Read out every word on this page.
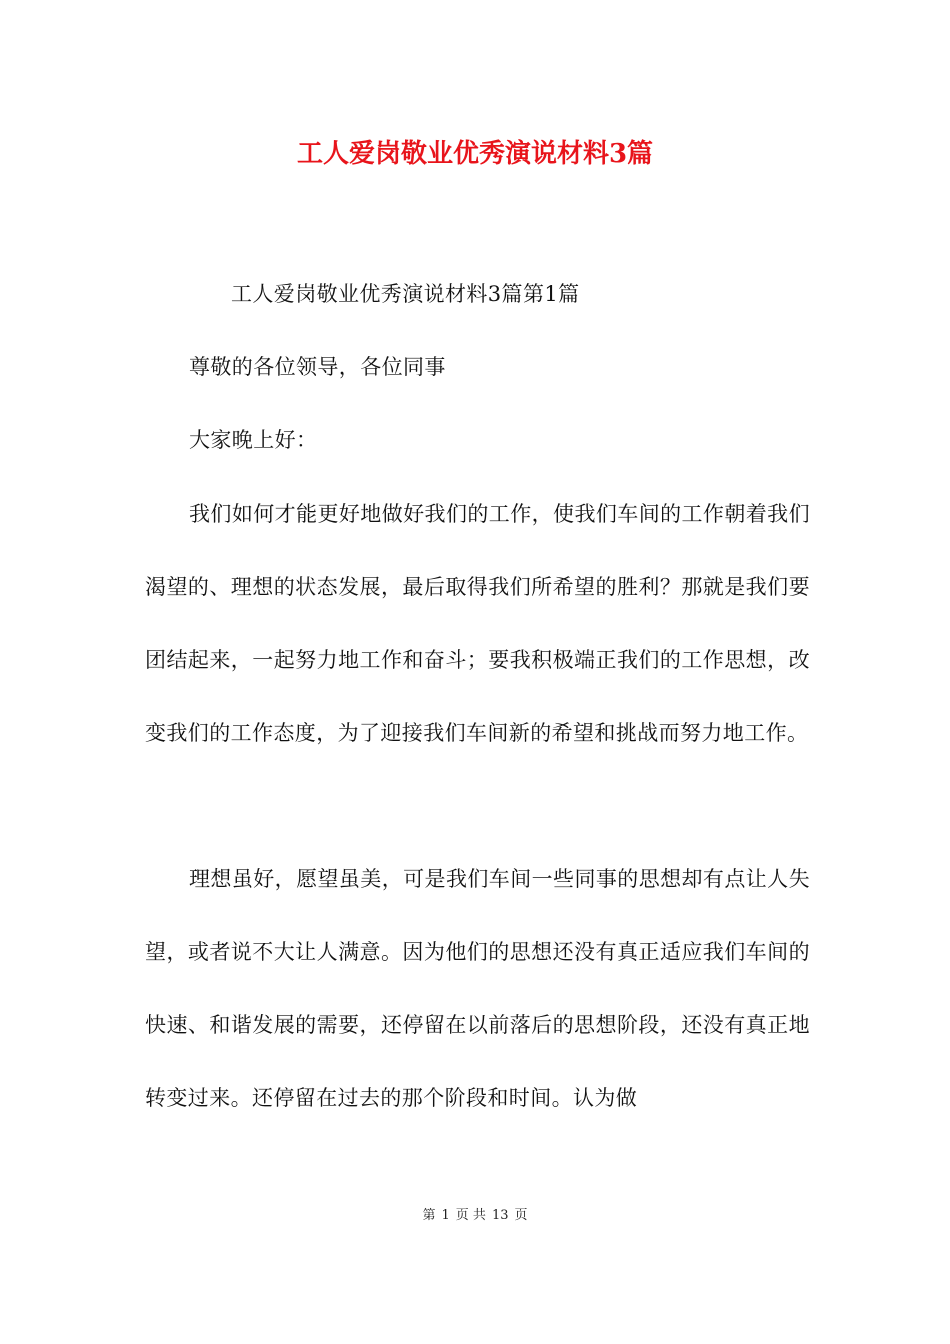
工人爱岗敬业优秀演说材料3篇

工人爱岗敬业优秀演说材料3篇第1篇

尊敬的各位领导，各位同事

大家晚上好：

我们如何才能更好地做好我们的工作，使我们车间的工作朝着我们渴望的、理想的状态发展，最后取得我们所希望的胜利？那就是我们要团结起来，一起努力地工作和奋斗；要我积极端正我们的工作思想，改变我们的工作态度，为了迎接我们车间新的希望和挑战而努力地工作。

理想虽好，愿望虽美，可是我们车间一些同事的思想却有点让人失望，或者说不大让人满意。因为他们的思想还没有真正适应我们车间的快速、和谐发展的需要，还停留在以前落后的思想阶段，还没有真正地转变过来。还停留在过去的那个阶段和时间。认为做

第 1 页 共 13 页
